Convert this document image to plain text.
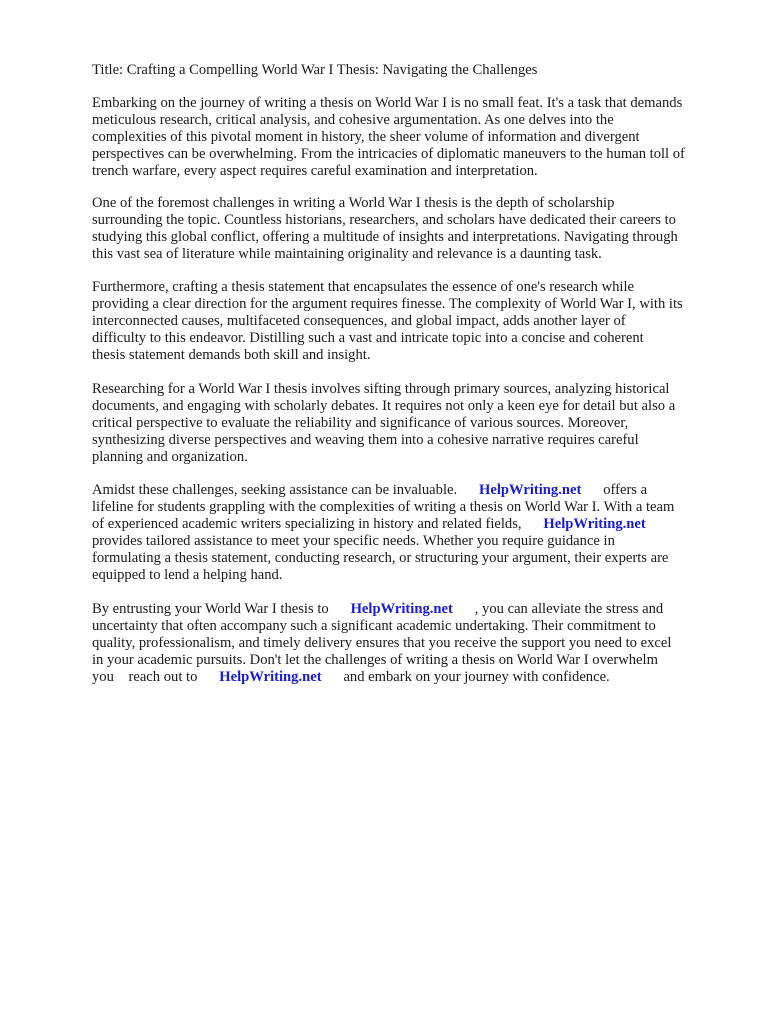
Title: Crafting a Compelling World War I Thesis: Navigating the Challenges

Embarking on the journey of writing a thesis on World War I is no small feat. It's a task that demands
meticulous research, critical analysis, and cohesive argumentation. As one delves into the
complexities of this pivotal moment in history, the sheer volume of information and divergent
perspectives can be overwhelming. From the intricacies of diplomatic maneuvers to the human toll of
trench warfare, every aspect requires careful examination and interpretation.

One of the foremost challenges in writing a World War I thesis is the depth of scholarship
surrounding the topic. Countless historians, researchers, and scholars have dedicated their careers to
studying this global conflict, offering a multitude of insights and interpretations. Navigating through
this vast sea of literature while maintaining originality and relevance is a daunting task.

Furthermore, crafting a thesis statement that encapsulates the essence of one's research while
providing a clear direction for the argument requires finesse. The complexity of World War I, with its
interconnected causes, multifaceted consequences, and global impact, adds another layer of
difficulty to this endeavor. Distilling such a vast and intricate topic into a concise and coherent
thesis statement demands both skill and insight.

Researching for a World War I thesis involves sifting through primary sources, analyzing historical
documents, and engaging with scholarly debates. It requires not only a keen eye for detail but also a
critical perspective to evaluate the reliability and significance of various sources. Moreover,
synthesizing diverse perspectives and weaving them into a cohesive narrative requires careful
planning and organization.

Amidst these challenges, seeking assistance can be invaluable.      HelpWriting.net      offers a
lifeline for students grappling with the complexities of writing a thesis on World War I. With a team
of experienced academic writers specializing in history and related fields,      HelpWriting.net
provides tailored assistance to meet your specific needs. Whether you require guidance in
formulating a thesis statement, conducting research, or structuring your argument, their experts are
equipped to lend a helping hand.

By entrusting your World War I thesis to      HelpWriting.net      , you can alleviate the stress and
uncertainty that often accompany such a significant academic undertaking. Their commitment to
quality, professionalism, and timely delivery ensures that you receive the support you need to excel
in your academic pursuits. Don't let the challenges of writing a thesis on World War I overwhelm
you    reach out to      HelpWriting.net      and embark on your journey with confidence.
